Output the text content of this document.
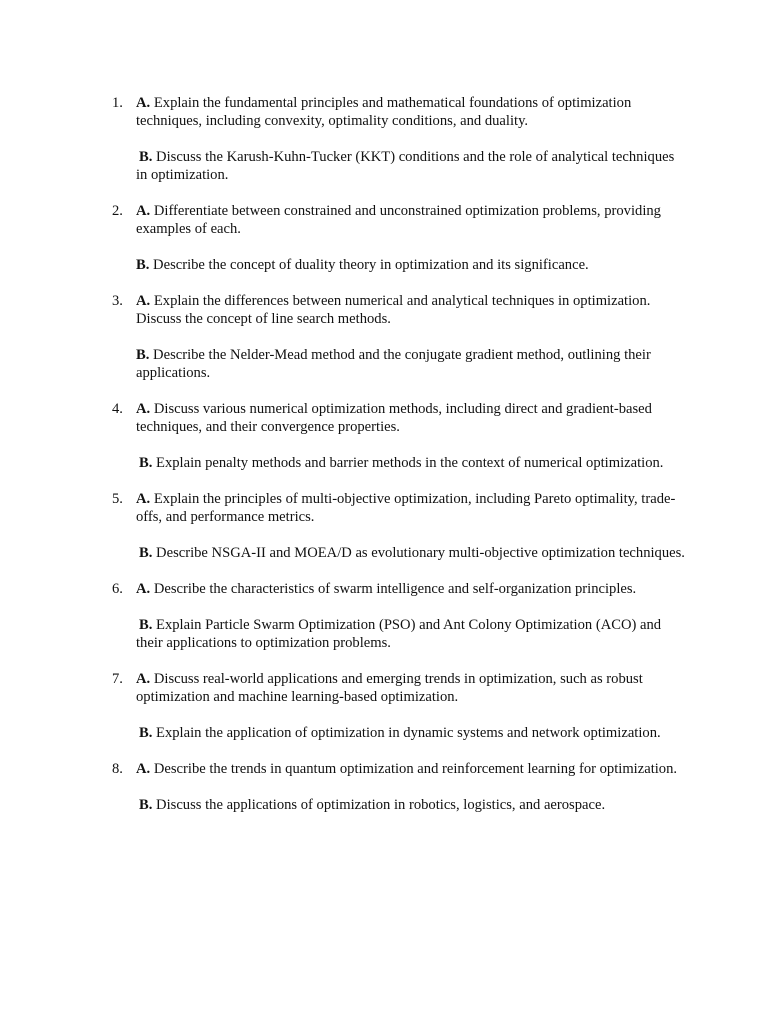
1. A. Explain the fundamental principles and mathematical foundations of optimization techniques, including convexity, optimality conditions, and duality.
B. Discuss the Karush-Kuhn-Tucker (KKT) conditions and the role of analytical techniques in optimization.
2. A. Differentiate between constrained and unconstrained optimization problems, providing examples of each.
B. Describe the concept of duality theory in optimization and its significance.
3. A. Explain the differences between numerical and analytical techniques in optimization. Discuss the concept of line search methods.
B. Describe the Nelder-Mead method and the conjugate gradient method, outlining their applications.
4. A. Discuss various numerical optimization methods, including direct and gradient-based techniques, and their convergence properties.
B. Explain penalty methods and barrier methods in the context of numerical optimization.
5. A. Explain the principles of multi-objective optimization, including Pareto optimality, trade-offs, and performance metrics.
B. Describe NSGA-II and MOEA/D as evolutionary multi-objective optimization techniques.
6. A. Describe the characteristics of swarm intelligence and self-organization principles.
B. Explain Particle Swarm Optimization (PSO) and Ant Colony Optimization (ACO) and their applications to optimization problems.
7. A. Discuss real-world applications and emerging trends in optimization, such as robust optimization and machine learning-based optimization.
B. Explain the application of optimization in dynamic systems and network optimization.
8. A. Describe the trends in quantum optimization and reinforcement learning for optimization.
B. Discuss the applications of optimization in robotics, logistics, and aerospace.
